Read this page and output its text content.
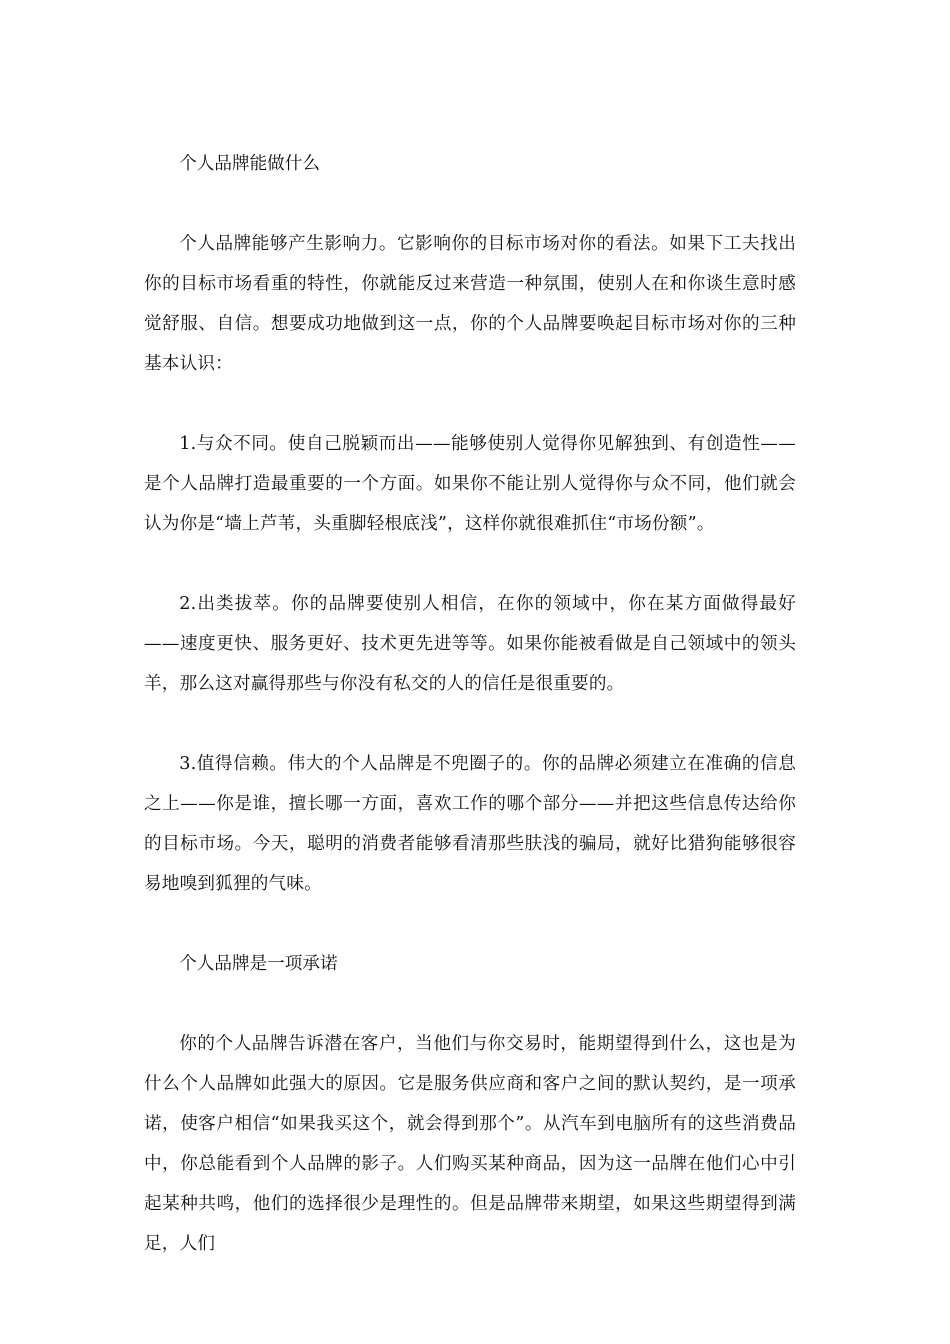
个人品牌能做什么

个人品牌能够产生影响力。它影响你的目标市场对你的看法。如果下工夫找出你的目标市场看重的特性，你就能反过来营造一种氛围，使别人在和你谈生意时感觉舒服、自信。想要成功地做到这一点，你的个人品牌要唤起目标市场对你的三种基本认识：

1.与众不同。使自己脱颖而出——能够使别人觉得你见解独到、有创造性——是个人品牌打造最重要的一个方面。如果你不能让别人觉得你与众不同，他们就会认为你是“墙上芦苇，头重脚轻根底浅”，这样你就很难抓住“市场份额”。

2.出类拔萃。你的品牌要使别人相信，在你的领域中，你在某方面做得最好——速度更快、服务更好、技术更先进等等。如果你能被看做是自己领域中的领头羊，那么这对赢得那些与你没有私交的人的信任是很重要的。

3.值得信赖。伟大的个人品牌是不兜圈子的。你的品牌必须建立在准确的信息之上——你是谁，擅长哪一方面，喜欢工作的哪个部分——并把这些信息传达给你的目标市场。今天，聪明的消费者能够看清那些肤浅的骗局，就好比猎狗能够很容易地嗅到狐狸的气味。

个人品牌是一项承诺

你的个人品牌告诉潜在客户，当他们与你交易时，能期望得到什么，这也是为什么个人品牌如此强大的原因。它是服务供应商和客户之间的默认契约，是一项承诺，使客户相信“如果我买这个，就会得到那个”。从汽车到电脑所有的这些消费品中，你总能看到个人品牌的影子。人们购买某种商品，因为这一品牌在他们心中引起某种共鸣，他们的选择很少是理性的。但是品牌带来期望，如果这些期望得到满足，人们
